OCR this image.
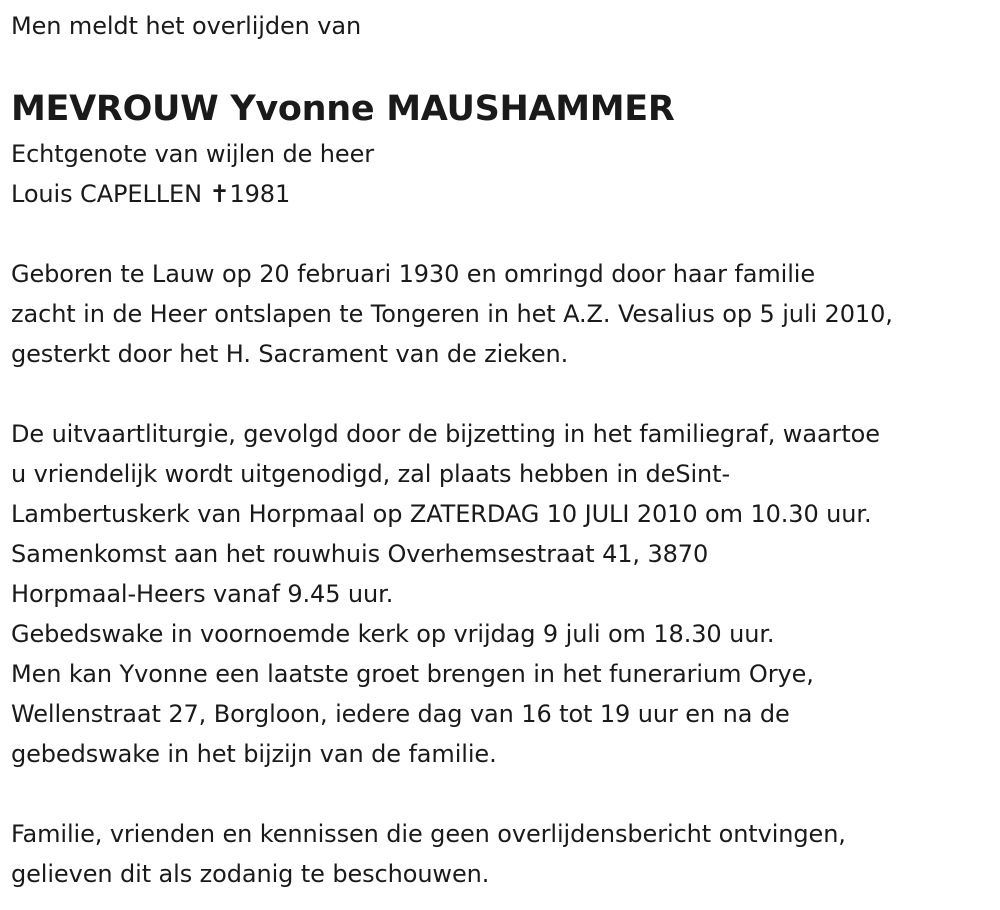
Men meldt het overlijden van

MEVROUW Yvonne MAUSHAMMER

Echtgenote van wijlen de heer

Louis CAPELLEN ✝1981

Geboren te Lauw op 20 februari 1930 en omringd door haar familie

zacht in de Heer ontslapen te Tongeren in het A.Z. Vesalius op 5 juli 2010,

gesterkt door het H. Sacrament van de zieken.

De uitvaartliturgie, gevolgd door de bijzetting in het familiegraf, waartoe

u vriendelijk wordt uitgenodigd, zal plaats hebben in deSint-

Lambertuskerk van Horpmaal op ZATERDAG 10 JULI 2010 om 10.30 uur.

Samenkomst aan het rouwhuis Overhemsestraat 41, 3870

Horpmaal-Heers vanaf 9.45 uur.

Gebedswake in voornoemde kerk op vrijdag 9 juli om 18.30 uur.

Men kan Yvonne een laatste groet brengen in het funerarium Orye,

Wellenstraat 27, Borgloon, iedere dag van 16 tot 19 uur en na de

gebedswake in het bijzijn van de familie.

Familie, vrienden en kennissen die geen overlijdensbericht ontvingen,

gelieven dit als zodanig te beschouwen.
